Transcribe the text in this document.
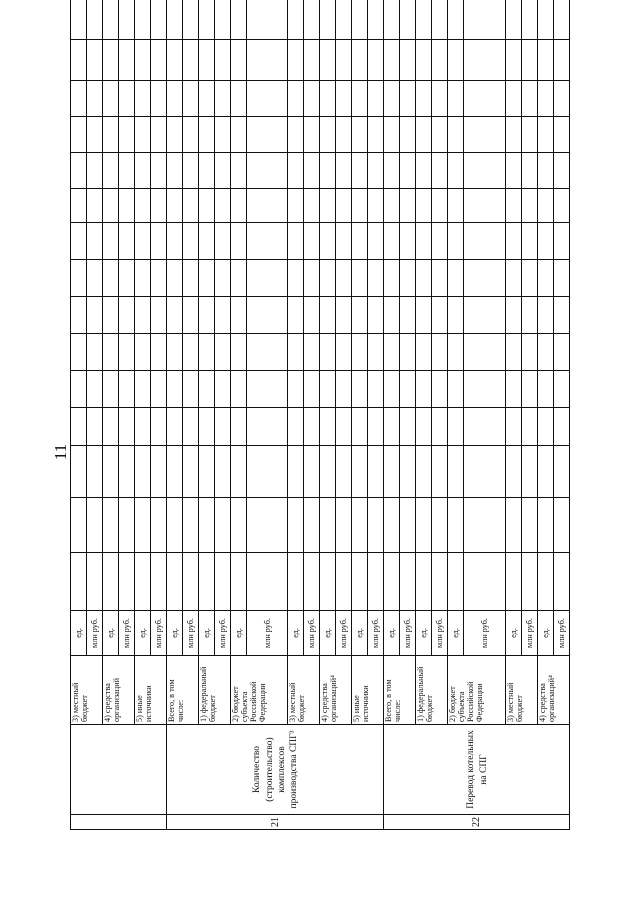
11
		3) местный бюджет	ед.															
			млн руб.															
		4) средства организаций	ед.															
			млн руб.															
		5) иные источники	ед.															
			млн руб.															
21	Количество (строительство) комплексов производства СПГ³	Всего, в том числе:	ед.															
			млн руб.															
		1) федеральный бюджет	ед.															
			млн руб.															
		2) бюджет субъекта Российской Федерации	ед.															
			млн руб.															
		3) местный бюджет	ед.															
			млн руб.															
		4) средства организаций⁴	ед.															
			млн руб.															
		5) иные источники	ед.															
			млн руб.															
22	Перевод котельных на СПГ	Всего, в том числе:	ед.															
			млн руб.															
		1) федеральный бюджет	ед.															
			млн руб.															
		2) бюджет субъекта Российской Федерации	ед.															
			млн руб.															
		3) местный бюджет	ед.															
			млн руб.															
		4) средства организаций⁴	ед.															
			млн руб.															
